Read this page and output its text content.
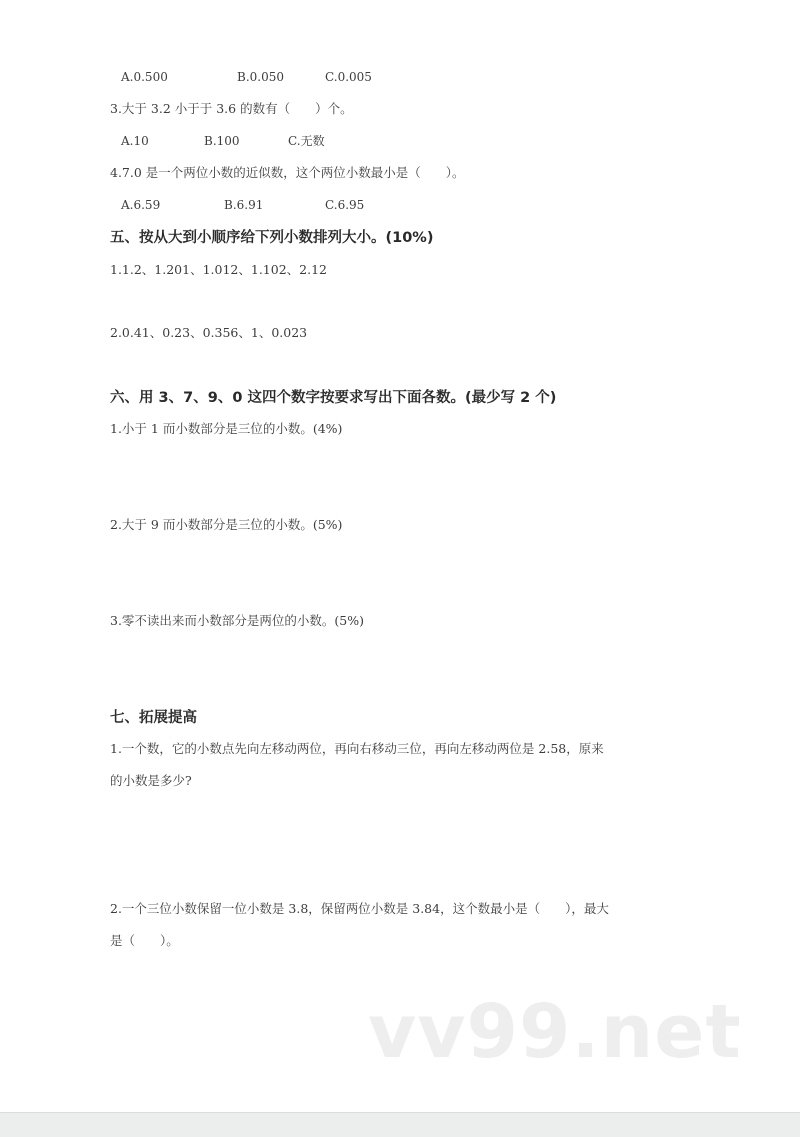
A.0.500	B.0.050	C.0.005
3.大于 3.2 小于于 3.6 的数有（　　）个。
A.10	B.100	C.无数
4.7.0 是一个两位小数的近似数，这个两位小数最小是（　　）。
A.6.59	B.6.91	C.6.95
五、按从大到小顺序给下列小数排列大小。(10%)
1.1.2、1.201、1.012、1.102、2.12
2.0.41、0.23、0.356、1、0.023
六、用 3、7、9、0 这四个数字按要求写出下面各数。(最少写 2 个)
1.小于 1 而小数部分是三位的小数。(4%)
2.大于 9 而小数部分是三位的小数。(5%)
3.零不读出来而小数部分是两位的小数。(5%)
七、拓展提高
1.一个数，它的小数点先向左移动两位，再向右移动三位，再向左移动两位是 2.58，原来
的小数是多少?
2.一个三位小数保留一位小数是 3.8，保留两位小数是 3.84，这个数最小是（　　），最大
是（　　）。
vv99.net
